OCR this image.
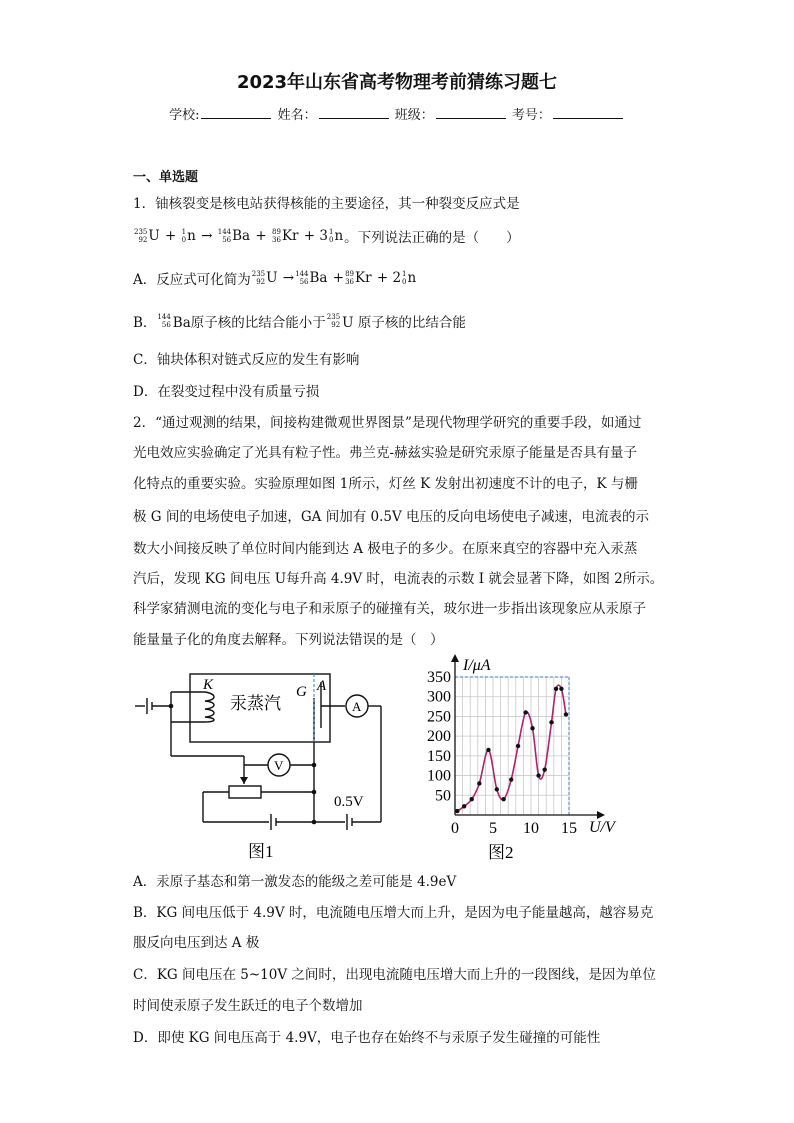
2023年山东省高考物理考前猜练习题七
学校:	姓名：	班级：	考号：
一、单选题
1．铀核裂变是核电站获得核能的主要途径，其一种裂变反应式是
235
92 U + 1
0 n → 144
56 Ba + 89
36 Kr + 3 1
0 n 。下列说法正确的是（　　）
A．反应式可化简为 235
92 U → 144
56 Ba + 89
36 Kr + 2 1
0 n
B． 144
56 Ba原子核的比结合能小于 235
92 U 原子核的比结合能
C．铀块体积对链式反应的发生有影响
D．在裂变过程中没有质量亏损
2．“通过观测的结果，间接构建微观世界图景”是现代物理学研究的重要手段，如通过
光电效应实验确定了光具有粒子性。弗兰克-赫兹实验是研究汞原子能量是否具有量子
化特点的重要实验。实验原理如图 1所示，灯丝 K 发射出初速度不计的电子，K 与栅
极 G 间的电场使电子加速，GA 间加有 0.5V 电压的反向电场使电子减速，电流表的示
数大小间接反映了单位时间内能到达 A 极电子的多少。在原来真空的容器中充入汞蒸
汽后，发现 KG 间电压 U每升高 4.9V 时，电流表的示数 I 就会显著下降，如图 2所示。
科学家猜测电流的变化与电子和汞原子的碰撞有关，玻尔进一步指出该现象应从汞原子
能量量子化的角度去解释。下列说法错误的是（　）
K
汞蒸汽
G A
A
V
0.5V
图1
0 5 10 15
50
100
150
200
250
300
350
I/μA
U/V
图2
A．汞原子基态和第一激发态的能级之差可能是 4.9eV
B．KG 间电压低于 4.9V 时，电流随电压增大而上升，是因为电子能量越高，越容易克
服反向电压到达 A 极
C．KG 间电压在 5~10V 之间时，出现电流随电压增大而上升的一段图线，是因为单位
时间使汞原子发生跃迁的电子个数增加
D．即使 KG 间电压高于 4.9V，电子也存在始终不与汞原子发生碰撞的可能性
